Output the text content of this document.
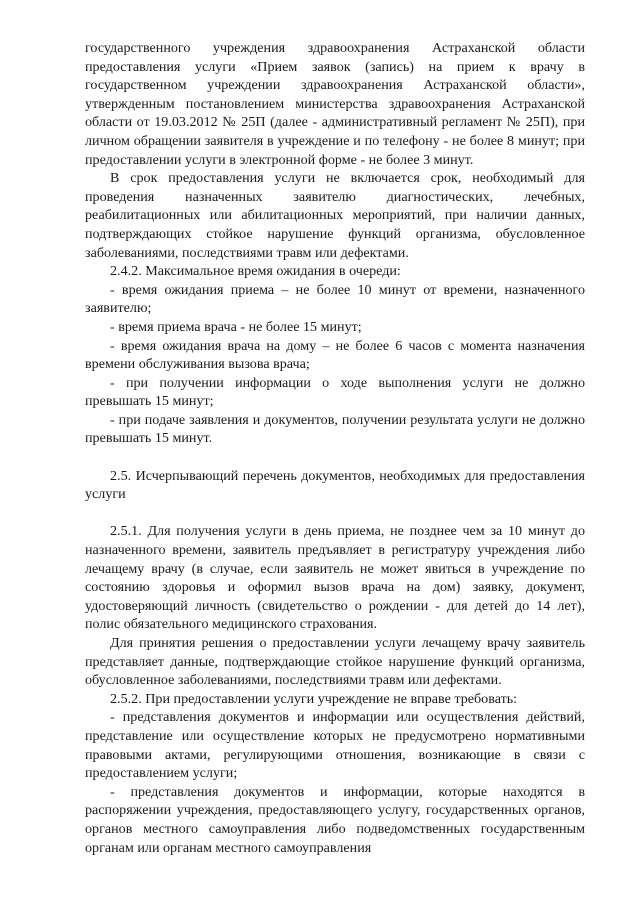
государственного учреждения здравоохранения Астраханской области предоставления услуги «Прием заявок (запись) на прием к врачу в государственном учреждении здравоохранения Астраханской области», утвержденным постановлением министерства здравоохранения Астраханской области от 19.03.2012 № 25П (далее - административный регламент № 25П), при личном обращении заявителя в учреждение и по телефону - не более 8 минут; при предоставлении услуги в электронной форме - не более 3 минут.

В срок предоставления услуги не включается срок, необходимый для проведения назначенных заявителю диагностических, лечебных, реабилитационных или абилитационных мероприятий, при наличии данных, подтверждающих стойкое нарушение функций организма, обусловленное заболеваниями, последствиями травм или дефектами.

2.4.2. Максимальное время ожидания в очереди:

- время ожидания приема – не более 10 минут от времени, назначенного заявителю;

- время приема врача - не более 15 минут;

- время ожидания врача на дому – не более 6 часов с момента назначения времени обслуживания вызова врача;

- при получении информации о ходе выполнения услуги не должно превышать 15 минут;

- при подаче заявления и документов, получении результата услуги не должно превышать 15 минут.

2.5. Исчерпывающий перечень документов, необходимых для предоставления услуги

2.5.1. Для получения услуги в день приема, не позднее чем за 10 минут до назначенного времени, заявитель предъявляет в регистратуру учреждения либо лечащему врачу (в случае, если заявитель не может явиться в учреждение по состоянию здоровья и оформил вызов врача на дом) заявку, документ, удостоверяющий личность (свидетельство о рождении - для детей до 14 лет), полис обязательного медицинского страхования.

Для принятия решения о предоставлении услуги лечащему врачу заявитель представляет данные, подтверждающие стойкое нарушение функций организма, обусловленное заболеваниями, последствиями травм или дефектами.

2.5.2. При предоставлении услуги учреждение не вправе требовать:

- представления документов и информации или осуществления действий, представление или осуществление которых не предусмотрено нормативными правовыми актами, регулирующими отношения, возникающие в связи с предоставлением услуги;

- представления документов и информации, которые находятся в распоряжении учреждения, предоставляющего услугу, государственных органов, органов местного самоуправления либо подведомственных государственным органам или органам местного самоуправления
